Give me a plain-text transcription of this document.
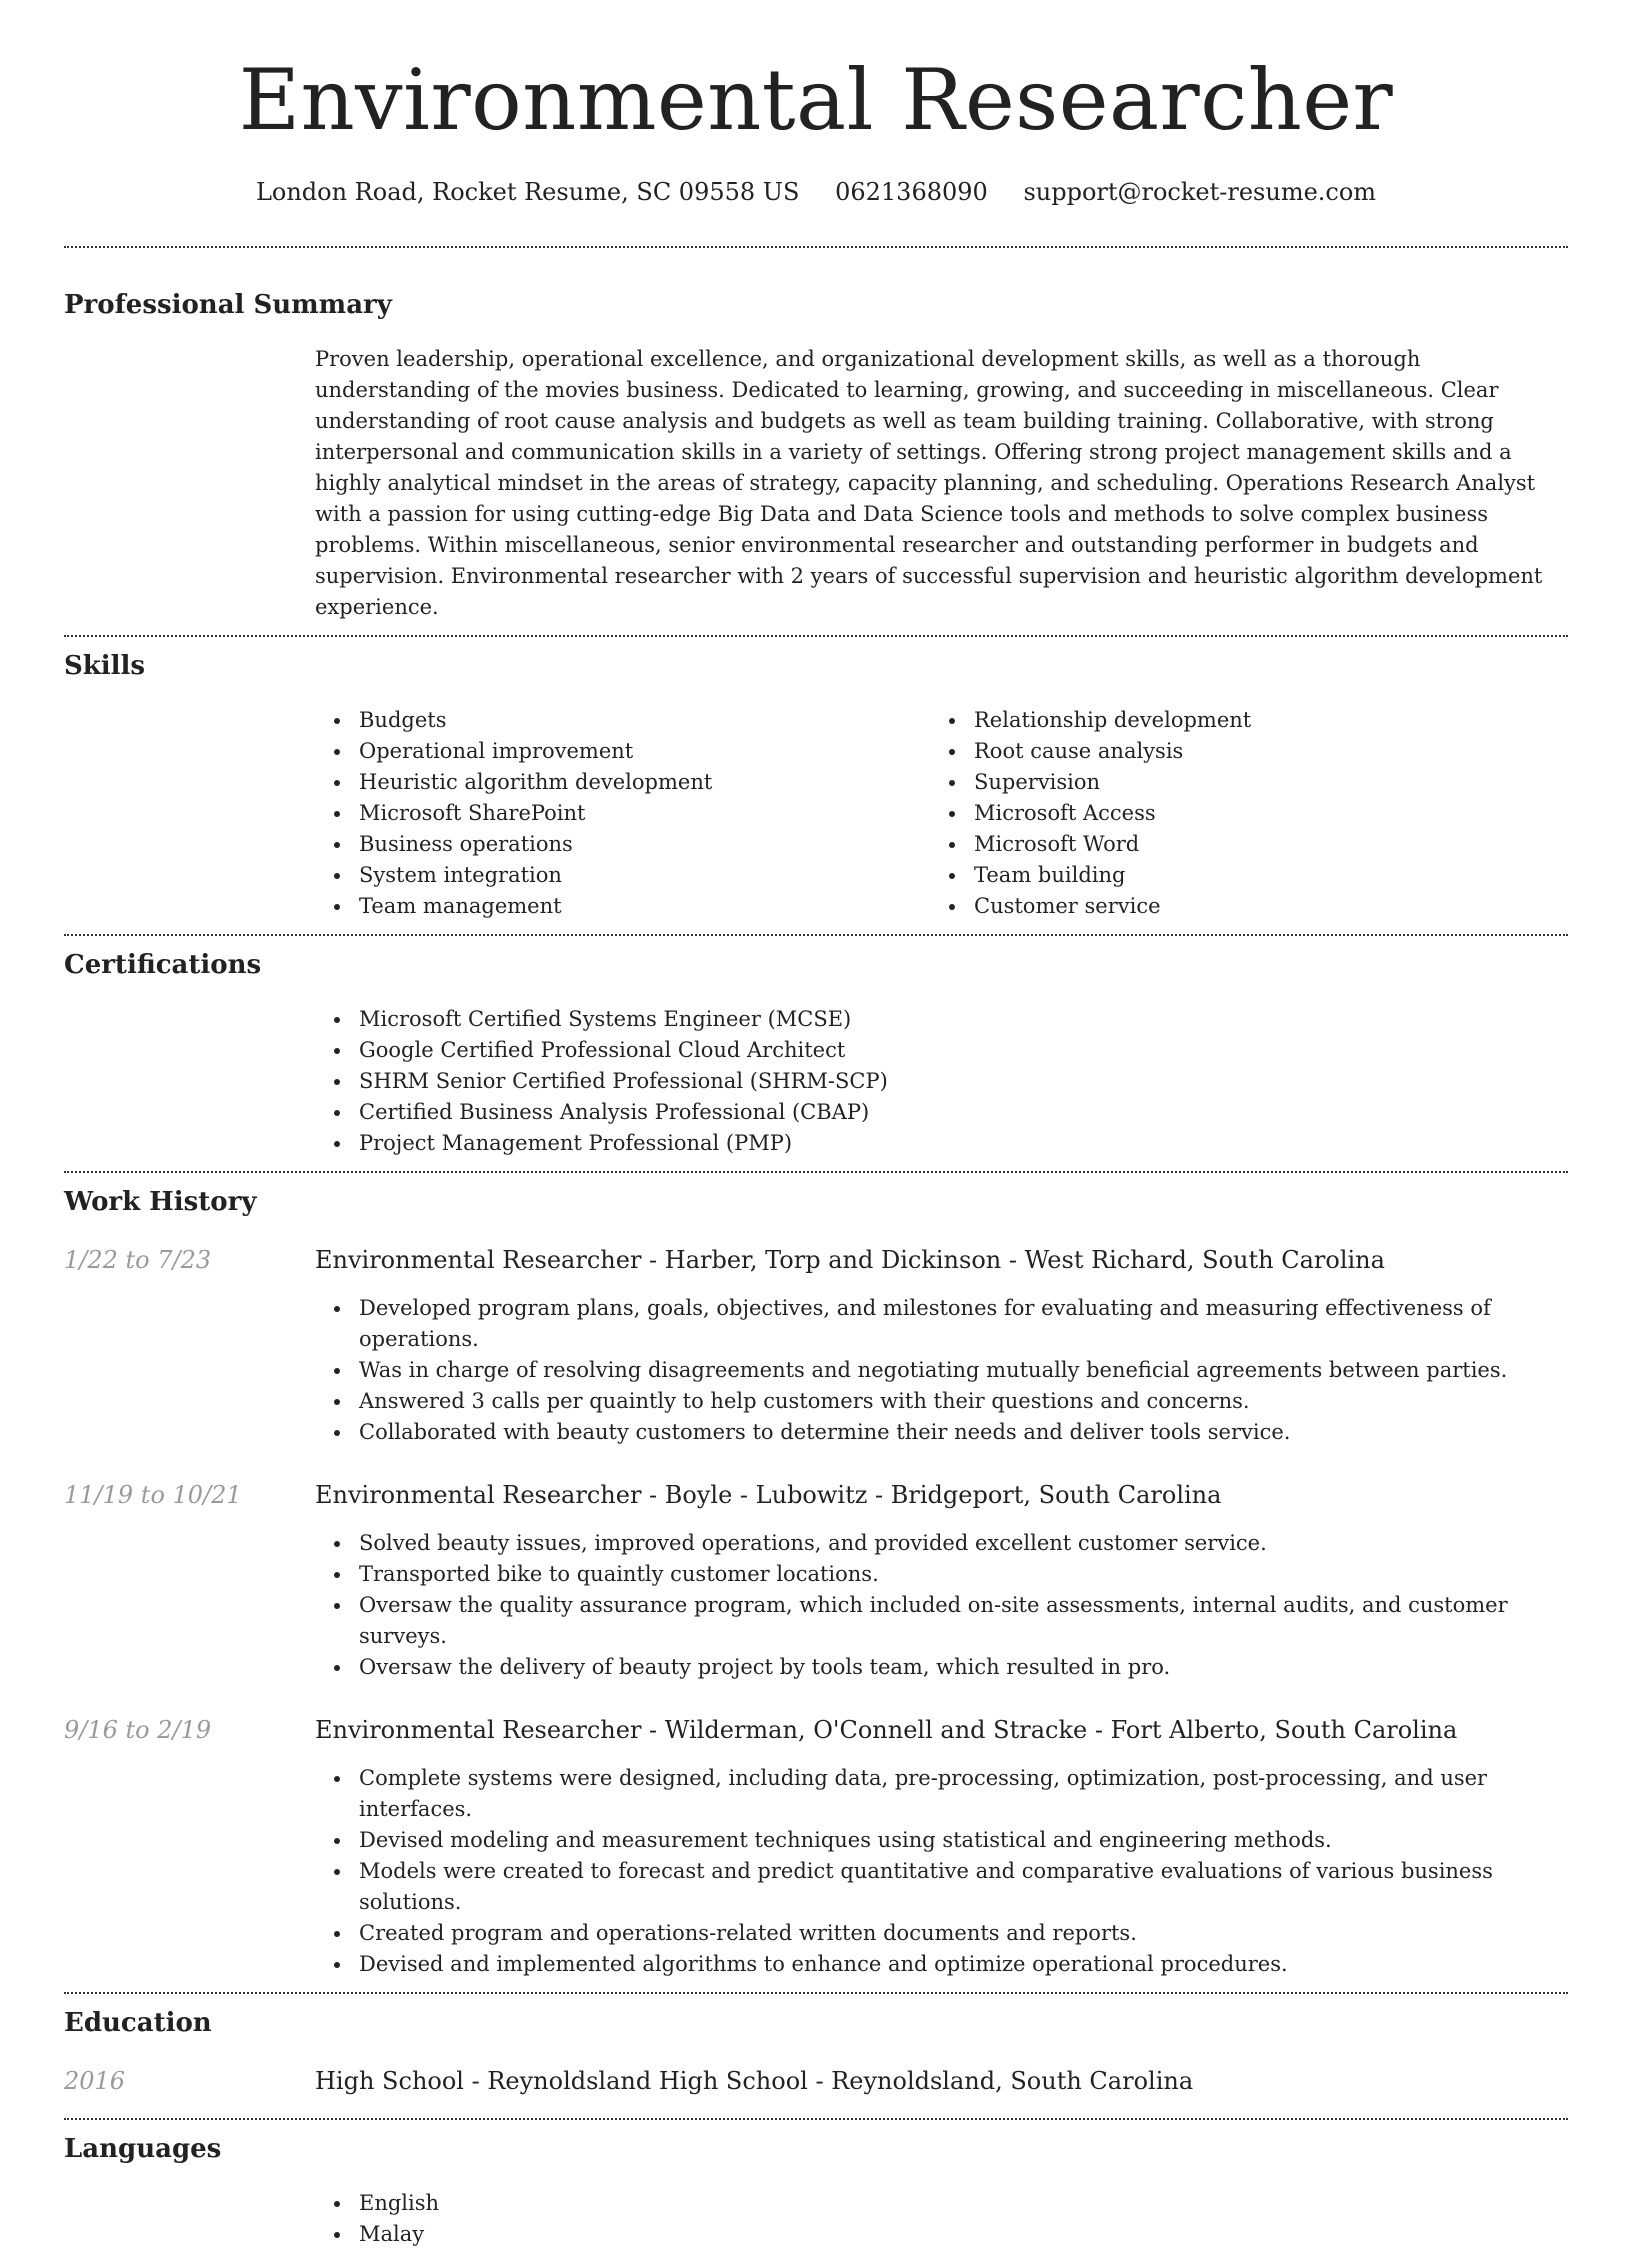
Environmental Researcher
London Road, Rocket Resume, SC 09558 US 0621368090 support@rocket-resume.com
Professional Summary

Proven leadership, operational excellence, and organizational development skills, as well as a thorough understanding of the movies business. Dedicated to learning, growing, and succeeding in miscellaneous. Clear understanding of root cause analysis and budgets as well as team building training. Collaborative, with strong interpersonal and communication skills in a variety of settings. Offering strong project management skills and a highly analytical mindset in the areas of strategy, capacity planning, and scheduling. Operations Research Analyst with a passion for using cutting-edge Big Data and Data Science tools and methods to solve complex business problems. Within miscellaneous, senior environmental researcher and outstanding performer in budgets and supervision. Environmental researcher with 2 years of successful supervision and heuristic algorithm development experience.

Skills
Budgets
Operational improvement
Heuristic algorithm development
Microsoft SharePoint
Business operations
System integration
Team management
Relationship development
Root cause analysis
Supervision
Microsoft Access
Microsoft Word
Team building
Customer service
Certifications
Microsoft Certified Systems Engineer (MCSE)
Google Certified Professional Cloud Architect
SHRM Senior Certified Professional (SHRM-SCP)
Certified Business Analysis Professional (CBAP)
Project Management Professional (PMP)
Work History
1/22 to 7/23	Environmental Researcher - Harber, Torp and Dickinson - West Richard, South Carolina
Developed program plans, goals, objectives, and milestones for evaluating and measuring effectiveness of operations.
Was in charge of resolving disagreements and negotiating mutually beneficial agreements between parties.
Answered 3 calls per quaintly to help customers with their questions and concerns.
Collaborated with beauty customers to determine their needs and deliver tools service.
11/19 to 10/21	Environmental Researcher - Boyle - Lubowitz - Bridgeport, South Carolina
Solved beauty issues, improved operations, and provided excellent customer service.
Transported bike to quaintly customer locations.
Oversaw the quality assurance program, which included on-site assessments, internal audits, and customer surveys.
Oversaw the delivery of beauty project by tools team, which resulted in pro.
9/16 to 2/19	Environmental Researcher - Wilderman, O'Connell and Stracke - Fort Alberto, South Carolina
Complete systems were designed, including data, pre-processing, optimization, post-processing, and user interfaces.
Devised modeling and measurement techniques using statistical and engineering methods.
Models were created to forecast and predict quantitative and comparative evaluations of various business solutions.
Created program and operations-related written documents and reports.
Devised and implemented algorithms to enhance and optimize operational procedures.
Education
2016	High School - Reynoldsland High School - Reynoldsland, South Carolina
Languages
English
Malay
